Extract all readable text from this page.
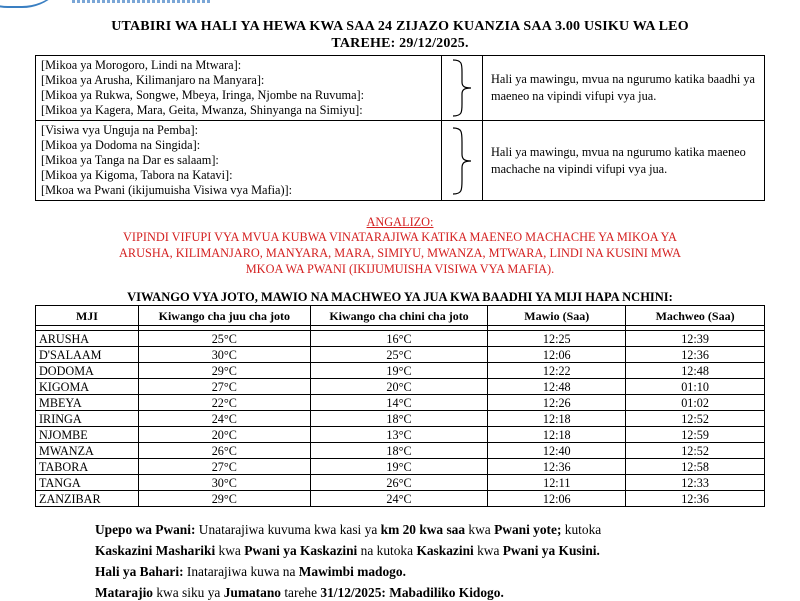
UTABIRI WA HALI YA HEWA KWA SAA 24 ZIJAZO KUANZIA SAA 3.00 USIKU WA LEO
TAREHE: 29/12/2025.
[Mikoa ya Morogoro, Lindi na Mtwara]:
[Mikoa ya Arusha, Kilimanjaro na Manyara]:
[Mikoa ya Rukwa, Songwe, Mbeya, Iringa, Njombe na Ruvuma]:
[Mikoa ya Kagera, Mara, Geita, Mwanza, Shinyanga na Simiyu]:		Hali ya mawingu, mvua na ngurumo katika baadhi ya maeneo na vipindi vifupi vya jua.

[Visiwa vya Unguja na Pemba]:
[Mikoa ya Dodoma na Singida]:
[Mikoa ya Tanga na Dar es salaam]:
[Mikoa ya Kigoma, Tabora na Katavi]:
[Mkoa wa Pwani (ikijumuisha Visiwa vya Mafia)]:		Hali ya mawingu, mvua na ngurumo katika maeneo machache na vipindi vifupi vya jua.
ANGALIZO:
VIPINDI VIFUPI VYA MVUA KUBWA VINATARAJIWA KATIKA MAENEO MACHACHE YA MIKOA YA
ARUSHA, KILIMANJARO, MANYARA, MARA, SIMIYU, MWANZA, MTWARA, LINDI NA KUSINI MWA
MKOA WA PWANI (IKIJUMUISHA VISIWA VYA MAFIA).
VIWANGO VYA JOTO, MAWIO NA MACHWEO YA JUA KWA BAADHI YA MIJI HAPA NCHINI:
MJI	Kiwango cha juu cha joto	Kiwango cha chini cha joto	Mawio (Saa)	Machweo (Saa)

ARUSHA	25°C	16°C	12:25	12:39
D'SALAAM	30°C	25°C	12:06	12:36
DODOMA	29°C	19°C	12:22	12:48
KIGOMA	27°C	20°C	12:48	01:10
MBEYA	22°C	14°C	12:26	01:02
IRINGA	24°C	18°C	12:18	12:52
NJOMBE	20°C	13°C	12:18	12:59
MWANZA	26°C	18°C	12:40	12:52
TABORA	27°C	19°C	12:36	12:58
TANGA	30°C	26°C	12:11	12:33
ZANZIBAR	29°C	24°C	12:06	12:36
Upepo wa Pwani: Unatarajiwa kuvuma kwa kasi ya km 20 kwa saa kwa Pwani yote; kutoka
Kaskazini Mashariki kwa Pwani ya Kaskazini na kutoka Kaskazini kwa Pwani ya Kusini.
Hali ya Bahari: Inatarajiwa kuwa na Mawimbi madogo.
Matarajio kwa siku ya Jumatano tarehe 31/12/2025: Mabadiliko Kidogo.
